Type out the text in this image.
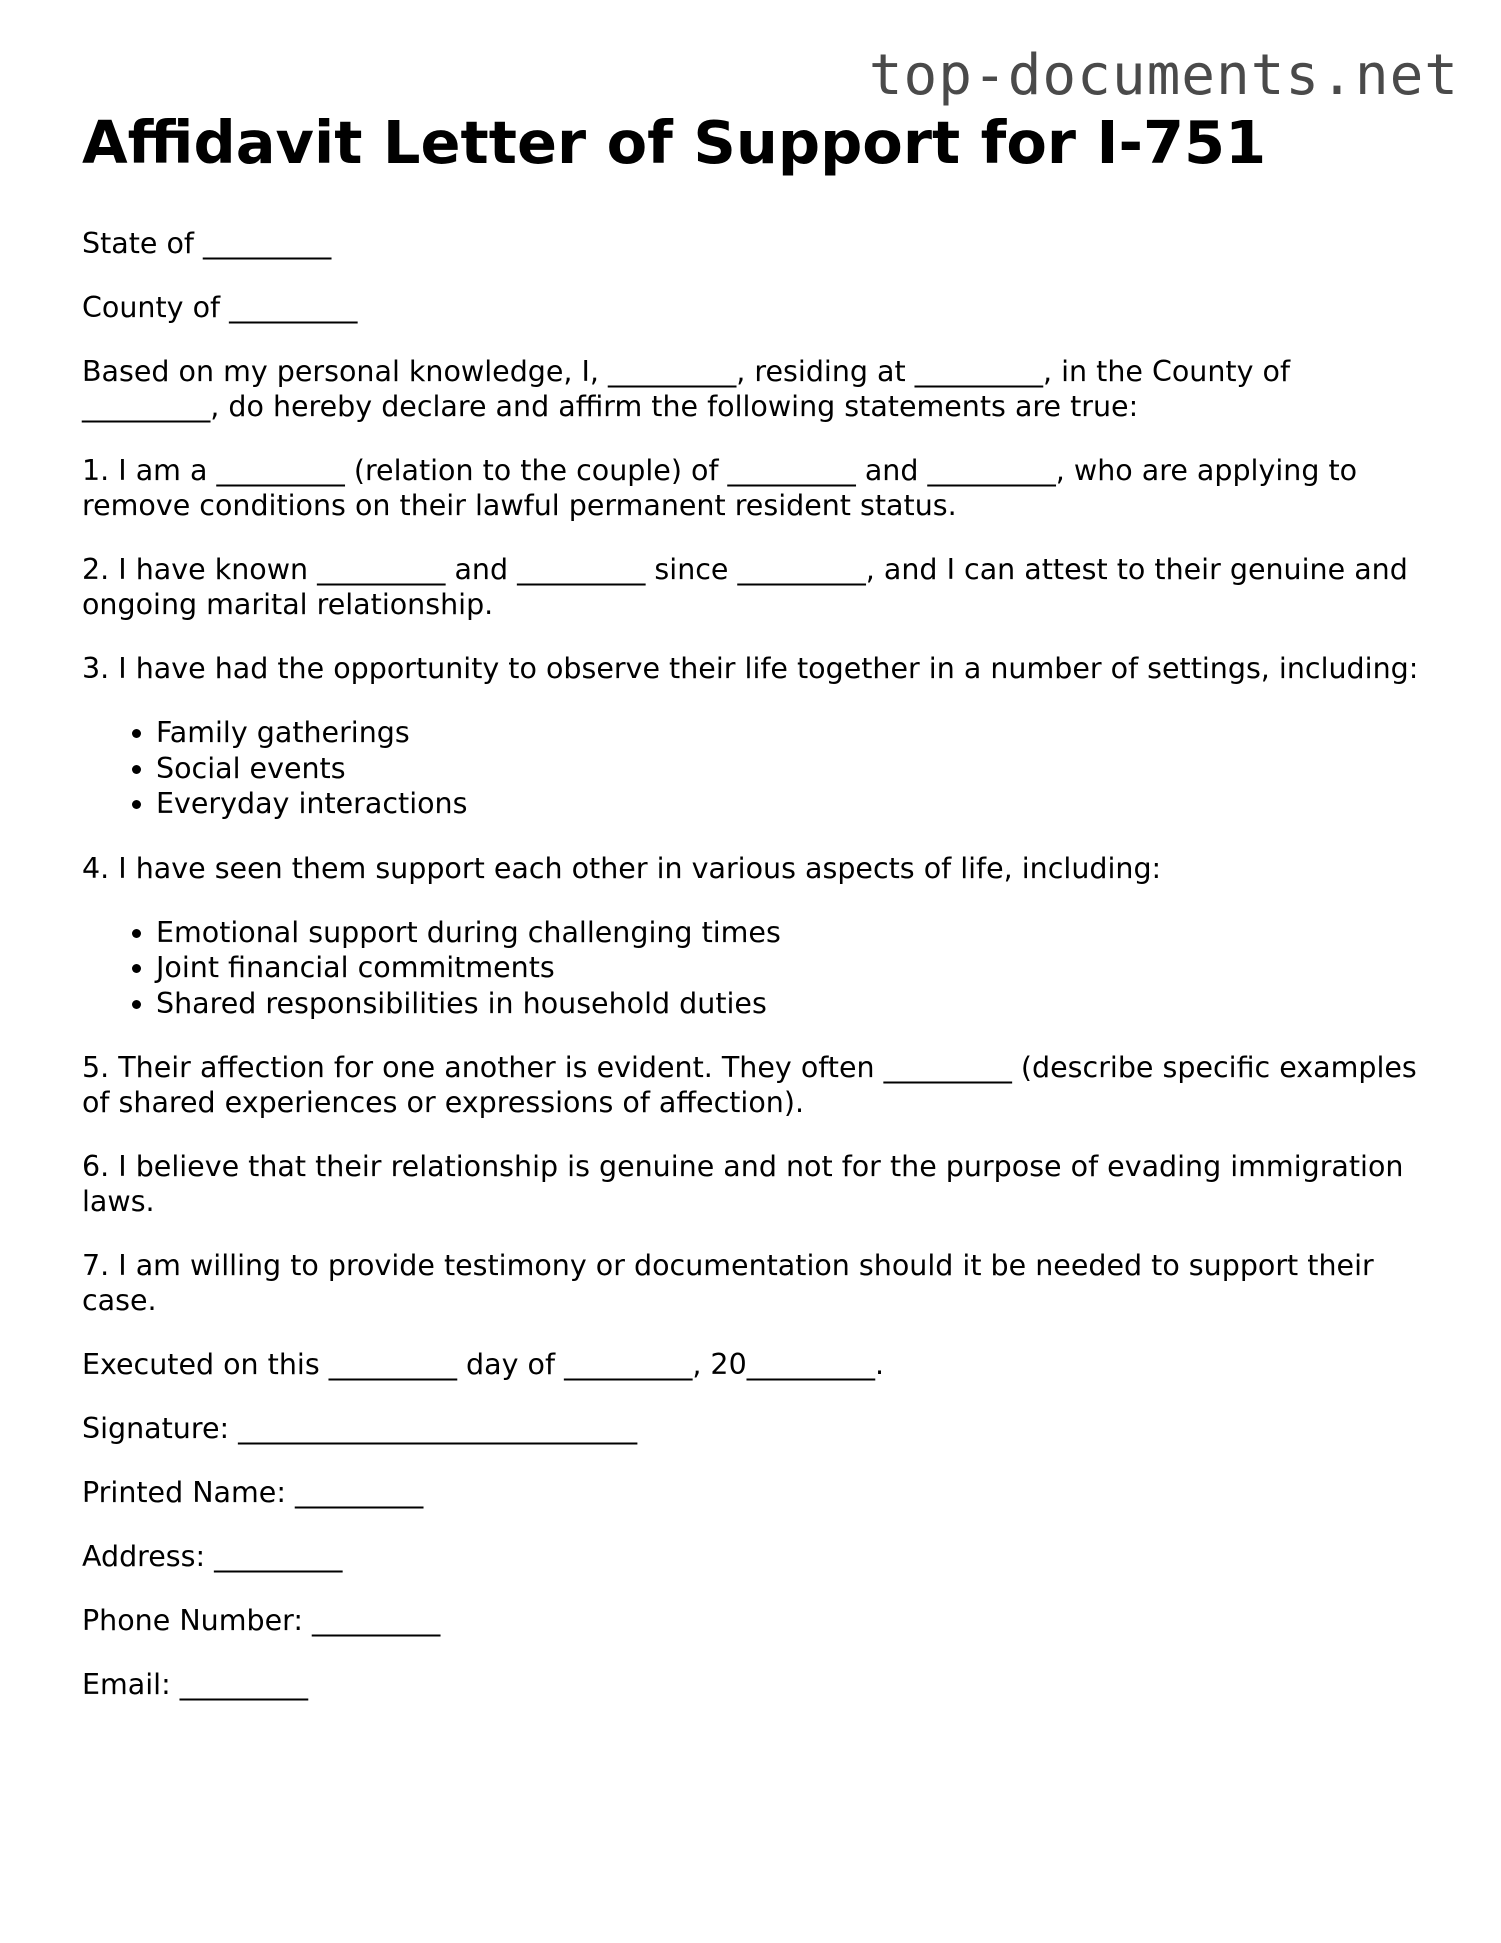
top-documents.net
Affidavit Letter of Support for I-751

State of _________

County of _________

Based on my personal knowledge, I, _________, residing at _________, in the County of _________, do hereby declare and affirm the following statements are true:

1. I am a _________ (relation to the couple) of _________ and _________, who are applying to remove conditions on their lawful permanent resident status.

2. I have known _________ and _________ since _________, and I can attest to their genuine and ongoing marital relationship.

3. I have had the opportunity to observe their life together in a number of settings, including:

• Family gatherings
• Social events
• Everyday interactions

4. I have seen them support each other in various aspects of life, including:

• Emotional support during challenging times
• Joint financial commitments
• Shared responsibilities in household duties

5. Their affection for one another is evident. They often _________ (describe specific examples of shared experiences or expressions of affection).

6. I believe that their relationship is genuine and not for the purpose of evading immigration laws.

7. I am willing to provide testimony or documentation should it be needed to support their case.

Executed on this _________ day of _________, 20_________.

Signature: ____________________________

Printed Name: _________

Address: _________

Phone Number: _________

Email: _________
